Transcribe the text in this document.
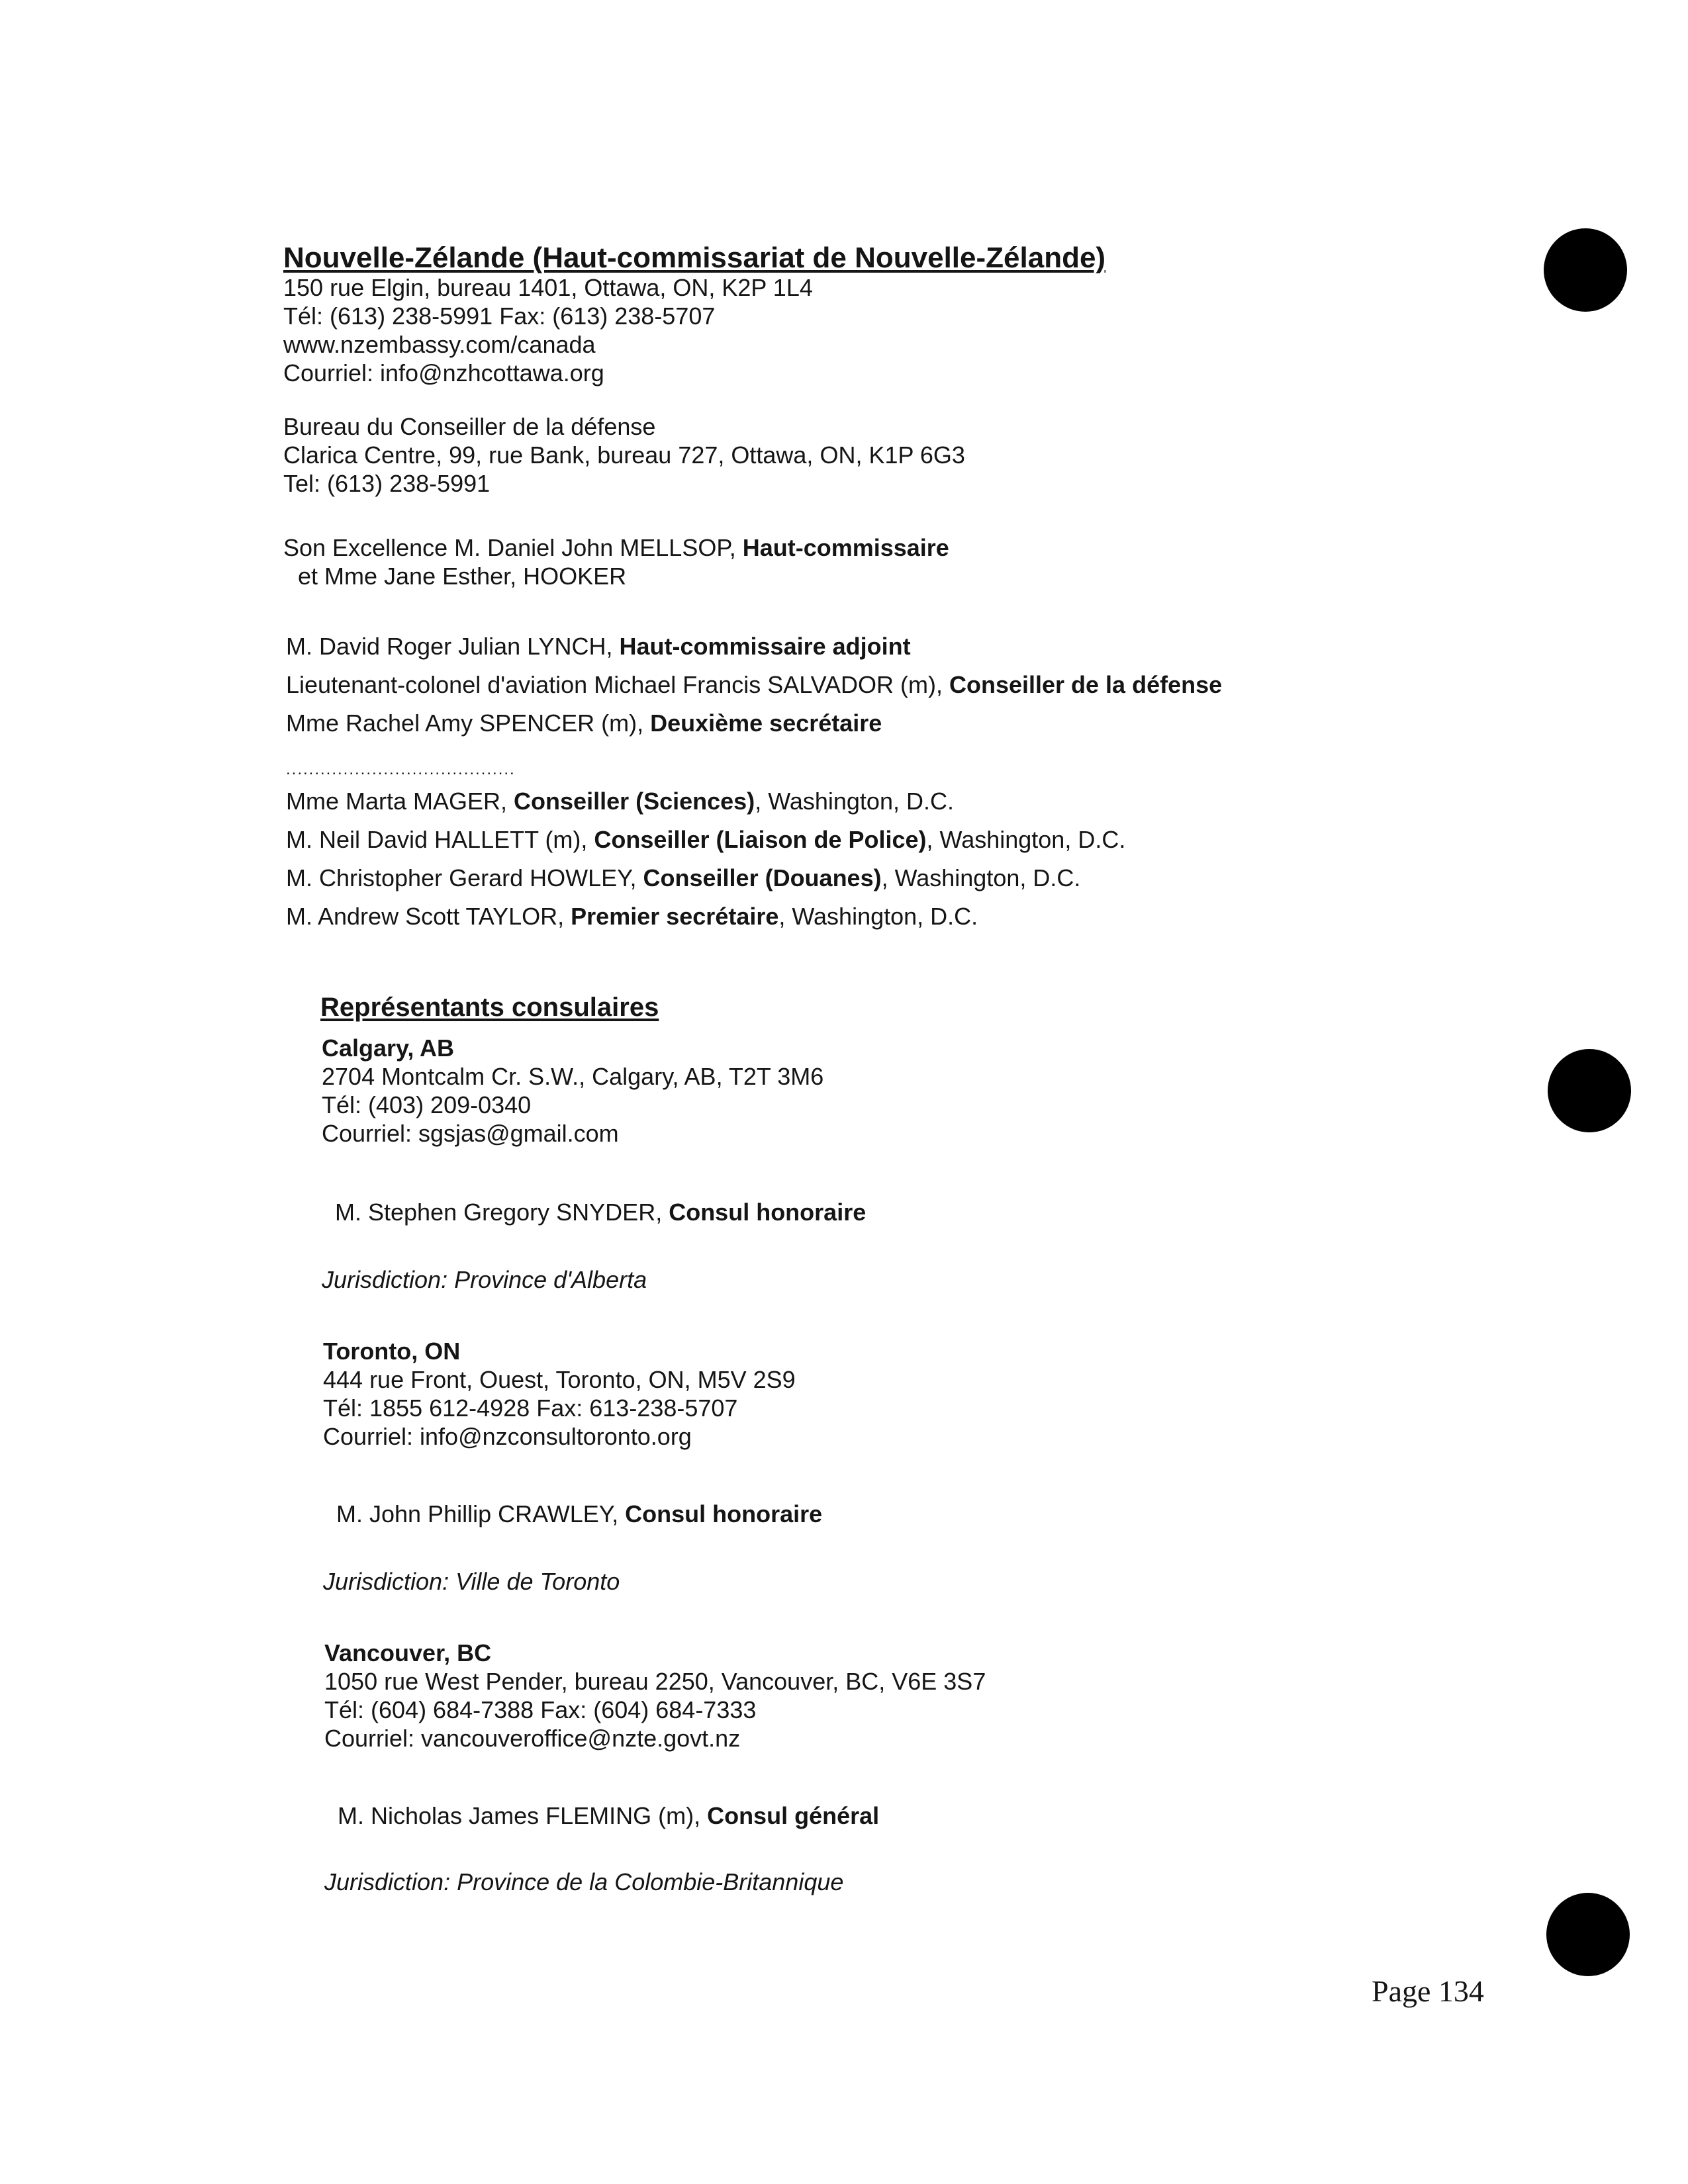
Nouvelle-Zélande (Haut-commissariat de Nouvelle-Zélande)
150 rue Elgin, bureau 1401, Ottawa, ON, K2P 1L4
Tél: (613) 238-5991 Fax: (613) 238-5707
www.nzembassy.com/canada
Courriel: info@nzhcottawa.org
Bureau du Conseiller de la défense
Clarica Centre, 99, rue Bank, bureau 727, Ottawa, ON, K1P 6G3
Tel: (613) 238-5991
Son Excellence M. Daniel John MELLSOP, Haut-commissaire
et Mme Jane Esther, HOOKER
M. David Roger Julian LYNCH, Haut-commissaire adjoint
Lieutenant-colonel d'aviation Michael Francis SALVADOR (m), Conseiller de la défense
Mme Rachel Amy SPENCER (m), Deuxième secrétaire
........................................
Mme Marta MAGER, Conseiller (Sciences), Washington, D.C.
M. Neil David HALLETT (m), Conseiller (Liaison de Police), Washington, D.C.
M. Christopher Gerard HOWLEY, Conseiller (Douanes), Washington, D.C.
M. Andrew Scott TAYLOR, Premier secrétaire, Washington, D.C.
Représentants consulaires
Calgary, AB
2704 Montcalm Cr. S.W., Calgary, AB, T2T 3M6
Tél: (403) 209-0340
Courriel: sgsjas@gmail.com
M. Stephen Gregory SNYDER, Consul honoraire
Jurisdiction: Province d'Alberta
Toronto, ON
444 rue Front, Ouest, Toronto, ON, M5V 2S9
Tél: 1855 612-4928 Fax: 613-238-5707
Courriel: info@nzconsultoronto.org
M. John Phillip CRAWLEY, Consul honoraire
Jurisdiction: Ville de Toronto
Vancouver, BC
1050 rue West Pender, bureau 2250, Vancouver, BC, V6E 3S7
Tél: (604) 684-7388 Fax: (604) 684-7333
Courriel: vancouveroffice@nzte.govt.nz
M. Nicholas James FLEMING (m), Consul général
Jurisdiction: Province de la Colombie-Britannique
Page 134
